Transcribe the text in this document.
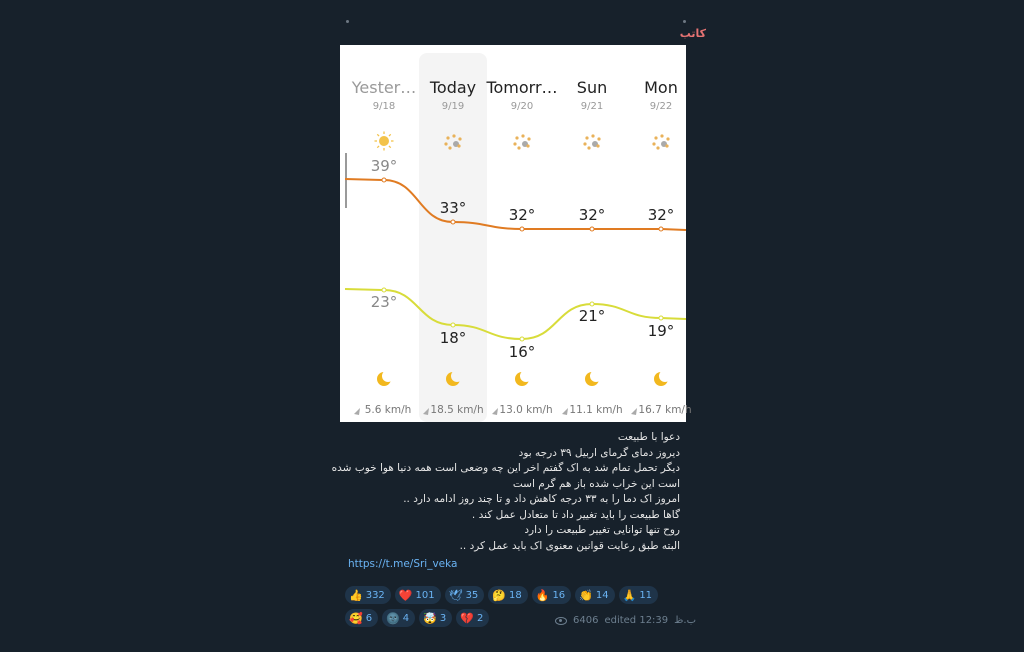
کاتب
Yester…
9/18
5.6 km/h
Today
9/19
18.5 km/h
Tomorr…
9/20
13.0 km/h
Sun
9/21
11.1 km/h
Mon
9/22
16.7 km/h
39°
23°
33°
18°
32°
16°
32°
21°
32°
19°
دعوا با طبیعت
دیروز دمای گرمای اربیل ۳۹ درجه بود
دیگر تحمل تمام شد به اک گفتم اخر این چه وضعی است همه دنیا هوا خوب شده
است این خراب شده باز هم گرم است
امروز اک دما را به ۳۳ درجه کاهش داد و تا چند روز ادامه دارد ..
گاها طبیعت را باید تغییر داد تا متعادل عمل کند .
روح تنها توانایی تغییر طبیعت را دارد
البته طبق رعایت قوانین معنوی اک باید عمل کرد ..
https://t.me/Sri_veka
👍 332 ❤️ 101 🕊 35 🤔 18 🔥 16 👏 14 🙏 11
🥰 6 🌚 4 🤯 3 💔 2	6406 edited 12:39 ب.ظ
